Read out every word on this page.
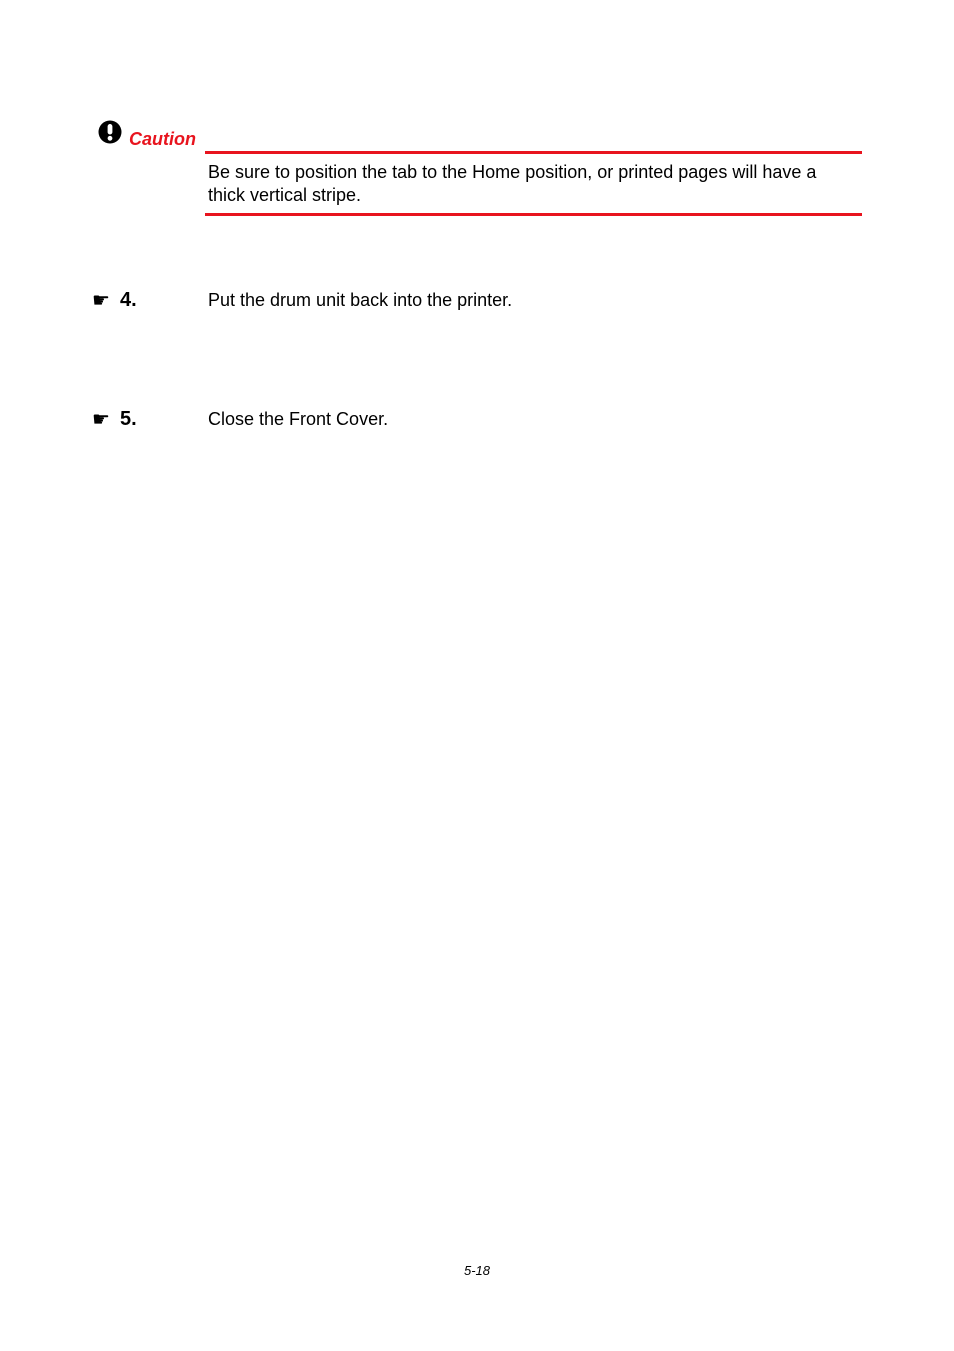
Caution
Be sure to position the tab to the Home position, or printed pages will have a thick vertical stripe.
☛ 4.	Put the drum unit back into the printer.
☛ 5.	Close the Front Cover.
5-18
